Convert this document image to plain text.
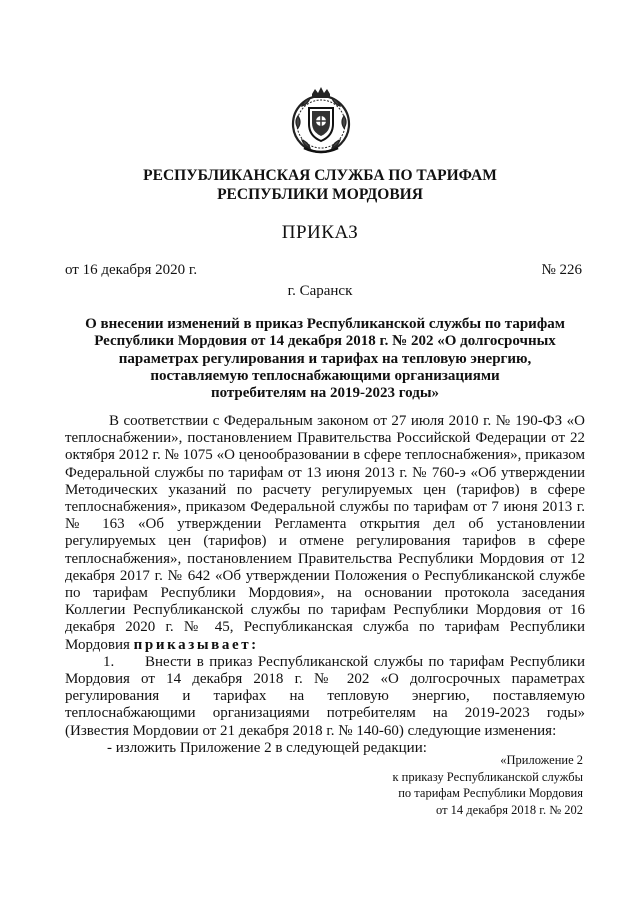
РЕСПУБЛИКАНСКАЯ СЛУЖБА ПО ТАРИФАМ
РЕСПУБЛИКИ МОРДОВИЯ
ПРИКАЗ
от 16 декабря 2020 г.	№ 226
г. Саранск
О внесении изменений в приказ Республиканской службы по тарифам
Республики Мордовия от 14 декабря 2018 г. № 202 «О долгосрочных
параметрах регулирования и тарифах на тепловую энергию,
поставляемую теплоснабжающими организациями
потребителям на 2019-2023 годы»

В соответствии с Федеральным законом от 27 июля 2010 г. № 190-ФЗ «О теплоснабжении», постановлением Правительства Российской Федерации от 22 октября 2012 г. № 1075 «О ценообразовании в сфере теплоснабжения», приказом Федеральной службы по тарифам от 13 июня 2013 г. № 760-э «Об утверждении Методических указаний по расчету регулируемых цен (тарифов) в сфере теплоснабжения», приказом Федеральной службы по тарифам от 7 июня 2013 г. № 163 «Об утверждении Регламента открытия дел об установлении регулируемых цен (тарифов) и отмене регулирования тарифов в сфере теплоснабжения», постановлением Правительства Республики Мордовия от 12 декабря 2017 г. № 642 «Об утверждении Положения о Республиканской службе по тарифам Республики Мордовия», на основании протокола заседания Коллегии Республиканской службы по тарифам Республики Мордовия от 16 декабря 2020 г. № 45, Республиканская служба по тарифам Республики Мордовия приказывает:

1. Внести в приказ Республиканской службы по тарифам Республики Мордовия от 14 декабря 2018 г. № 202 «О долгосрочных параметрах регулирования и тарифах на тепловую энергию, поставляемую теплоснабжающими организациями потребителям на 2019-2023 годы» (Известия Мордовии от 21 декабря 2018 г. № 140-60) следующие изменения:

- изложить Приложение 2 в следующей редакции:

«Приложение 2
к приказу Республиканской службы
по тарифам Республики Мордовия
от 14 декабря 2018 г. № 202
